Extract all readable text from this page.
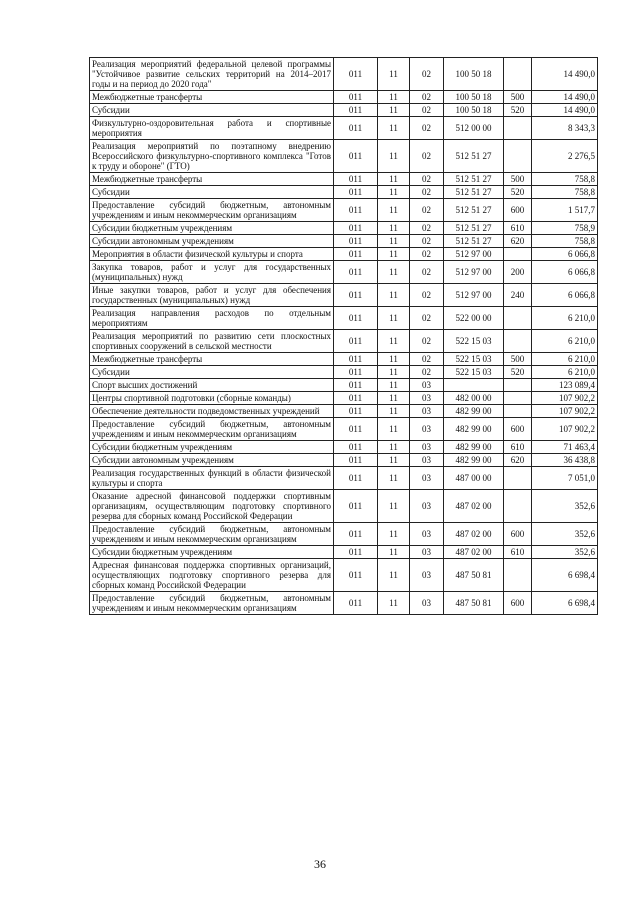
Реализация мероприятий федеральной целевой программы "Устойчивое развитие сельских территорий на 2014–2017 годы и на период до 2020 года"	011	11	02	100 50 18		14 490,0
Межбюджетные трансферты	011	11	02	100 50 18	500	14 490,0
Субсидии	011	11	02	100 50 18	520	14 490,0
Физкультурно-оздоровительная работа и спортивные мероприятия	011	11	02	512 00 00		8 343,3
Реализация мероприятий по поэтапному внедрению Всероссийского физкультурно-спортивного комплекса "Готов к труду и обороне" (ГТО)	011	11	02	512 51 27		2 276,5
Межбюджетные трансферты	011	11	02	512 51 27	500	758,8
Субсидии	011	11	02	512 51 27	520	758,8
Предоставление субсидий бюджетным, автономным учреждениям и иным некоммерческим организациям	011	11	02	512 51 27	600	1 517,7
Субсидии бюджетным учреждениям	011	11	02	512 51 27	610	758,9
Субсидии автономным учреждениям	011	11	02	512 51 27	620	758,8
Мероприятия в области физической культуры и спорта	011	11	02	512 97 00		6 066,8
Закупка товаров, работ и услуг для государственных (муниципальных) нужд	011	11	02	512 97 00	200	6 066,8
Иные закупки товаров, работ и услуг для обеспечения государственных (муниципальных) нужд	011	11	02	512 97 00	240	6 066,8
Реализация направления расходов по отдельным мероприятиям	011	11	02	522 00 00		6 210,0
Реализация мероприятий по развитию сети плоскостных спортивных сооружений в сельской местности	011	11	02	522 15 03		6 210,0
Межбюджетные трансферты	011	11	02	522 15 03	500	6 210,0
Субсидии	011	11	02	522 15 03	520	6 210,0
Спорт высших достижений	011	11	03			123 089,4
Центры спортивной подготовки (сборные команды)	011	11	03	482 00 00		107 902,2
Обеспечение деятельности подведомственных учреждений	011	11	03	482 99 00		107 902,2
Предоставление субсидий бюджетным, автономным учреждениям и иным некоммерческим организациям	011	11	03	482 99 00	600	107 902,2
Субсидии бюджетным учреждениям	011	11	03	482 99 00	610	71 463,4
Субсидии автономным учреждениям	011	11	03	482 99 00	620	36 438,8
Реализация государственных функций в области физической культуры и спорта	011	11	03	487 00 00		7 051,0
Оказание адресной финансовой поддержки спортивным организациям, осуществляющим подготовку спортивного резерва для сборных команд Российской Федерации	011	11	03	487 02 00		352,6
Предоставление субсидий бюджетным, автономным учреждениям и иным некоммерческим организациям	011	11	03	487 02 00	600	352,6
Субсидии бюджетным учреждениям	011	11	03	487 02 00	610	352,6
Адресная финансовая поддержка спортивных организаций, осуществляющих подготовку спортивного резерва для сборных команд Российской Федерации	011	11	03	487 50 81		6 698,4
Предоставление субсидий бюджетным, автономным учреждениям и иным некоммерческим организациям	011	11	03	487 50 81	600	6 698,4
36
